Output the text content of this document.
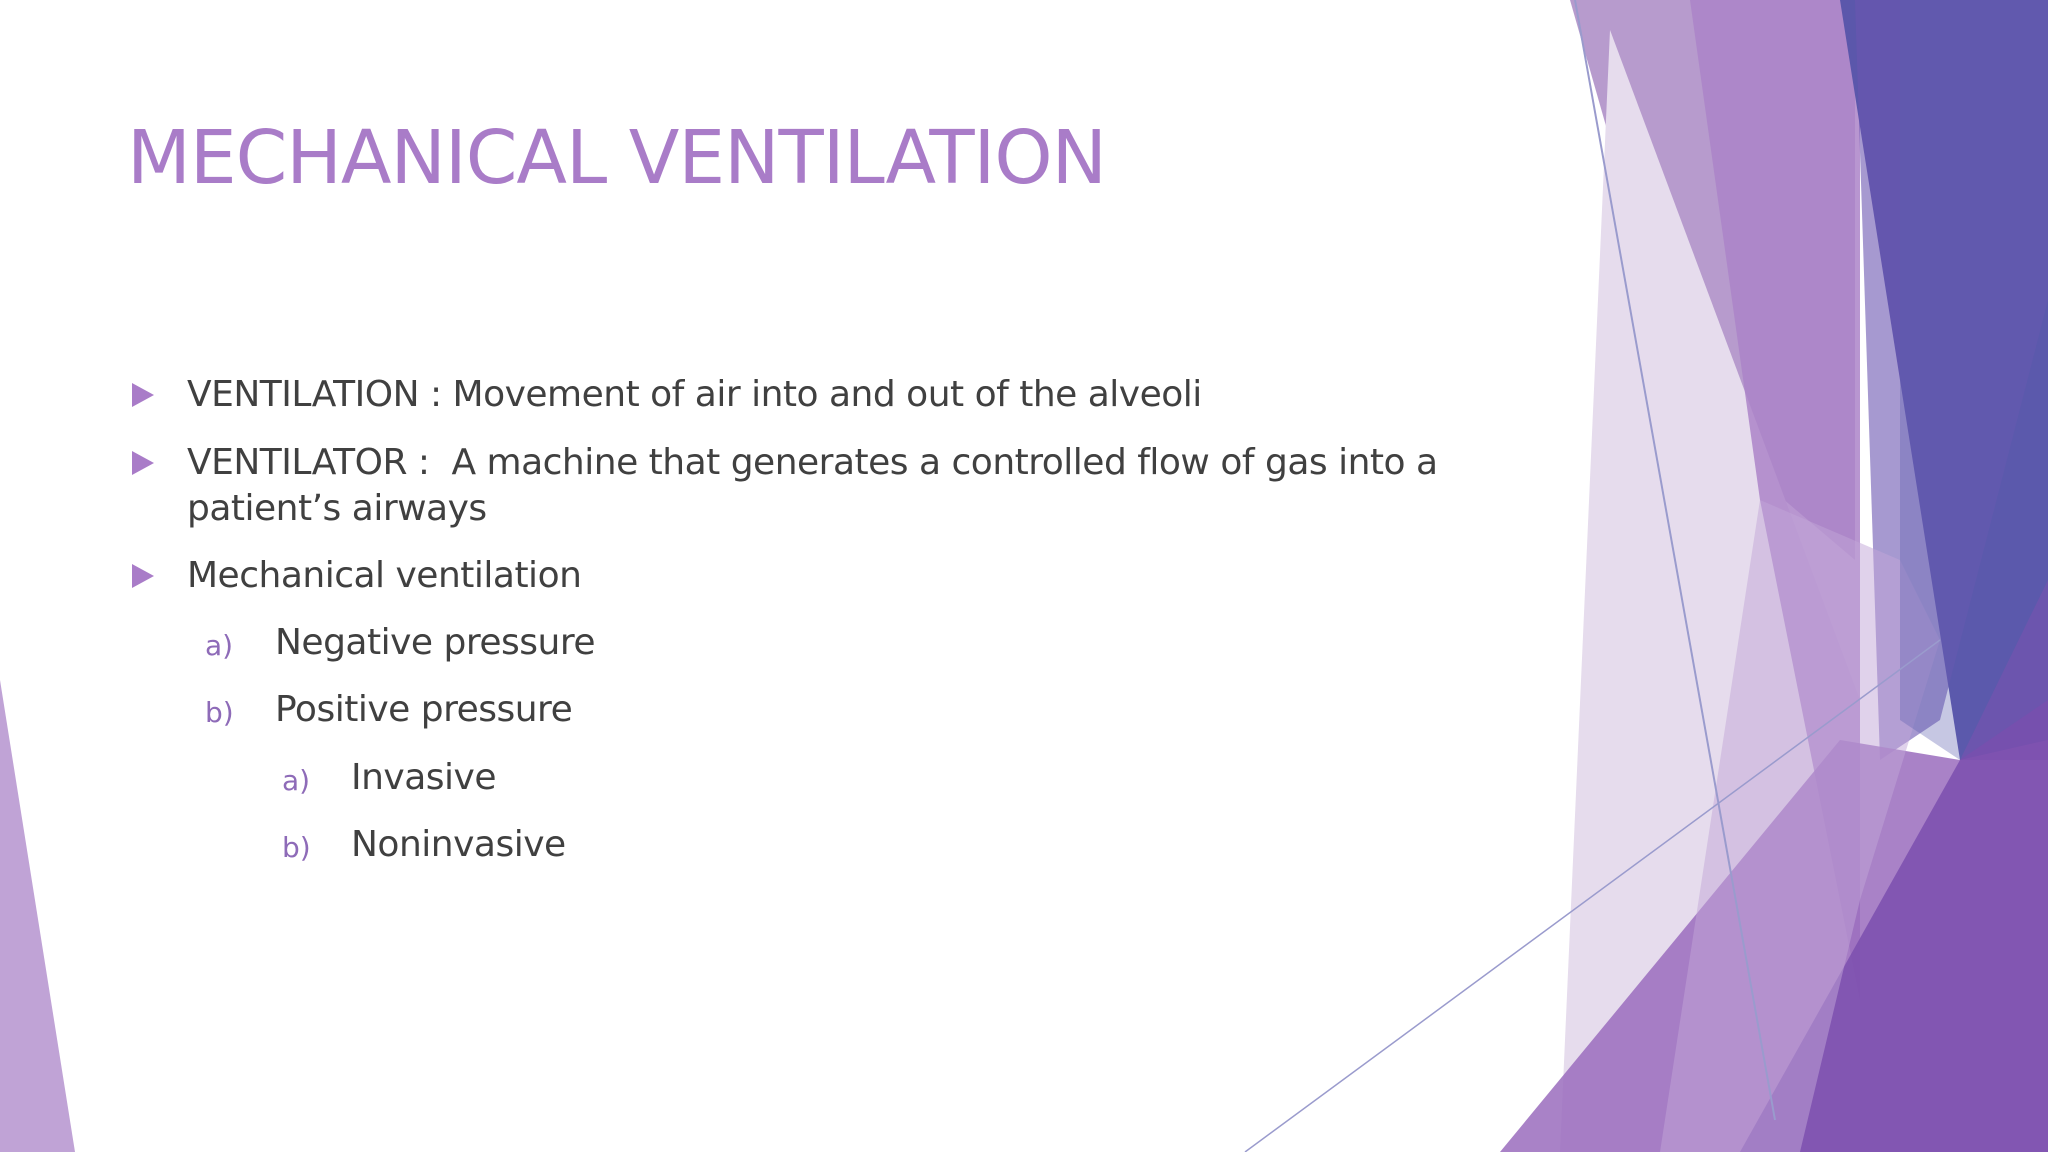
MECHANICAL VENTILATION
VENTILATION : Movement of air into and out of the alveoli
VENTILATOR :  A machine that generates a controlled flow of gas into a
patient’s airways
Mechanical ventilation
a) Negative pressure
b) Positive pressure
a) Invasive
b) Noninvasive
